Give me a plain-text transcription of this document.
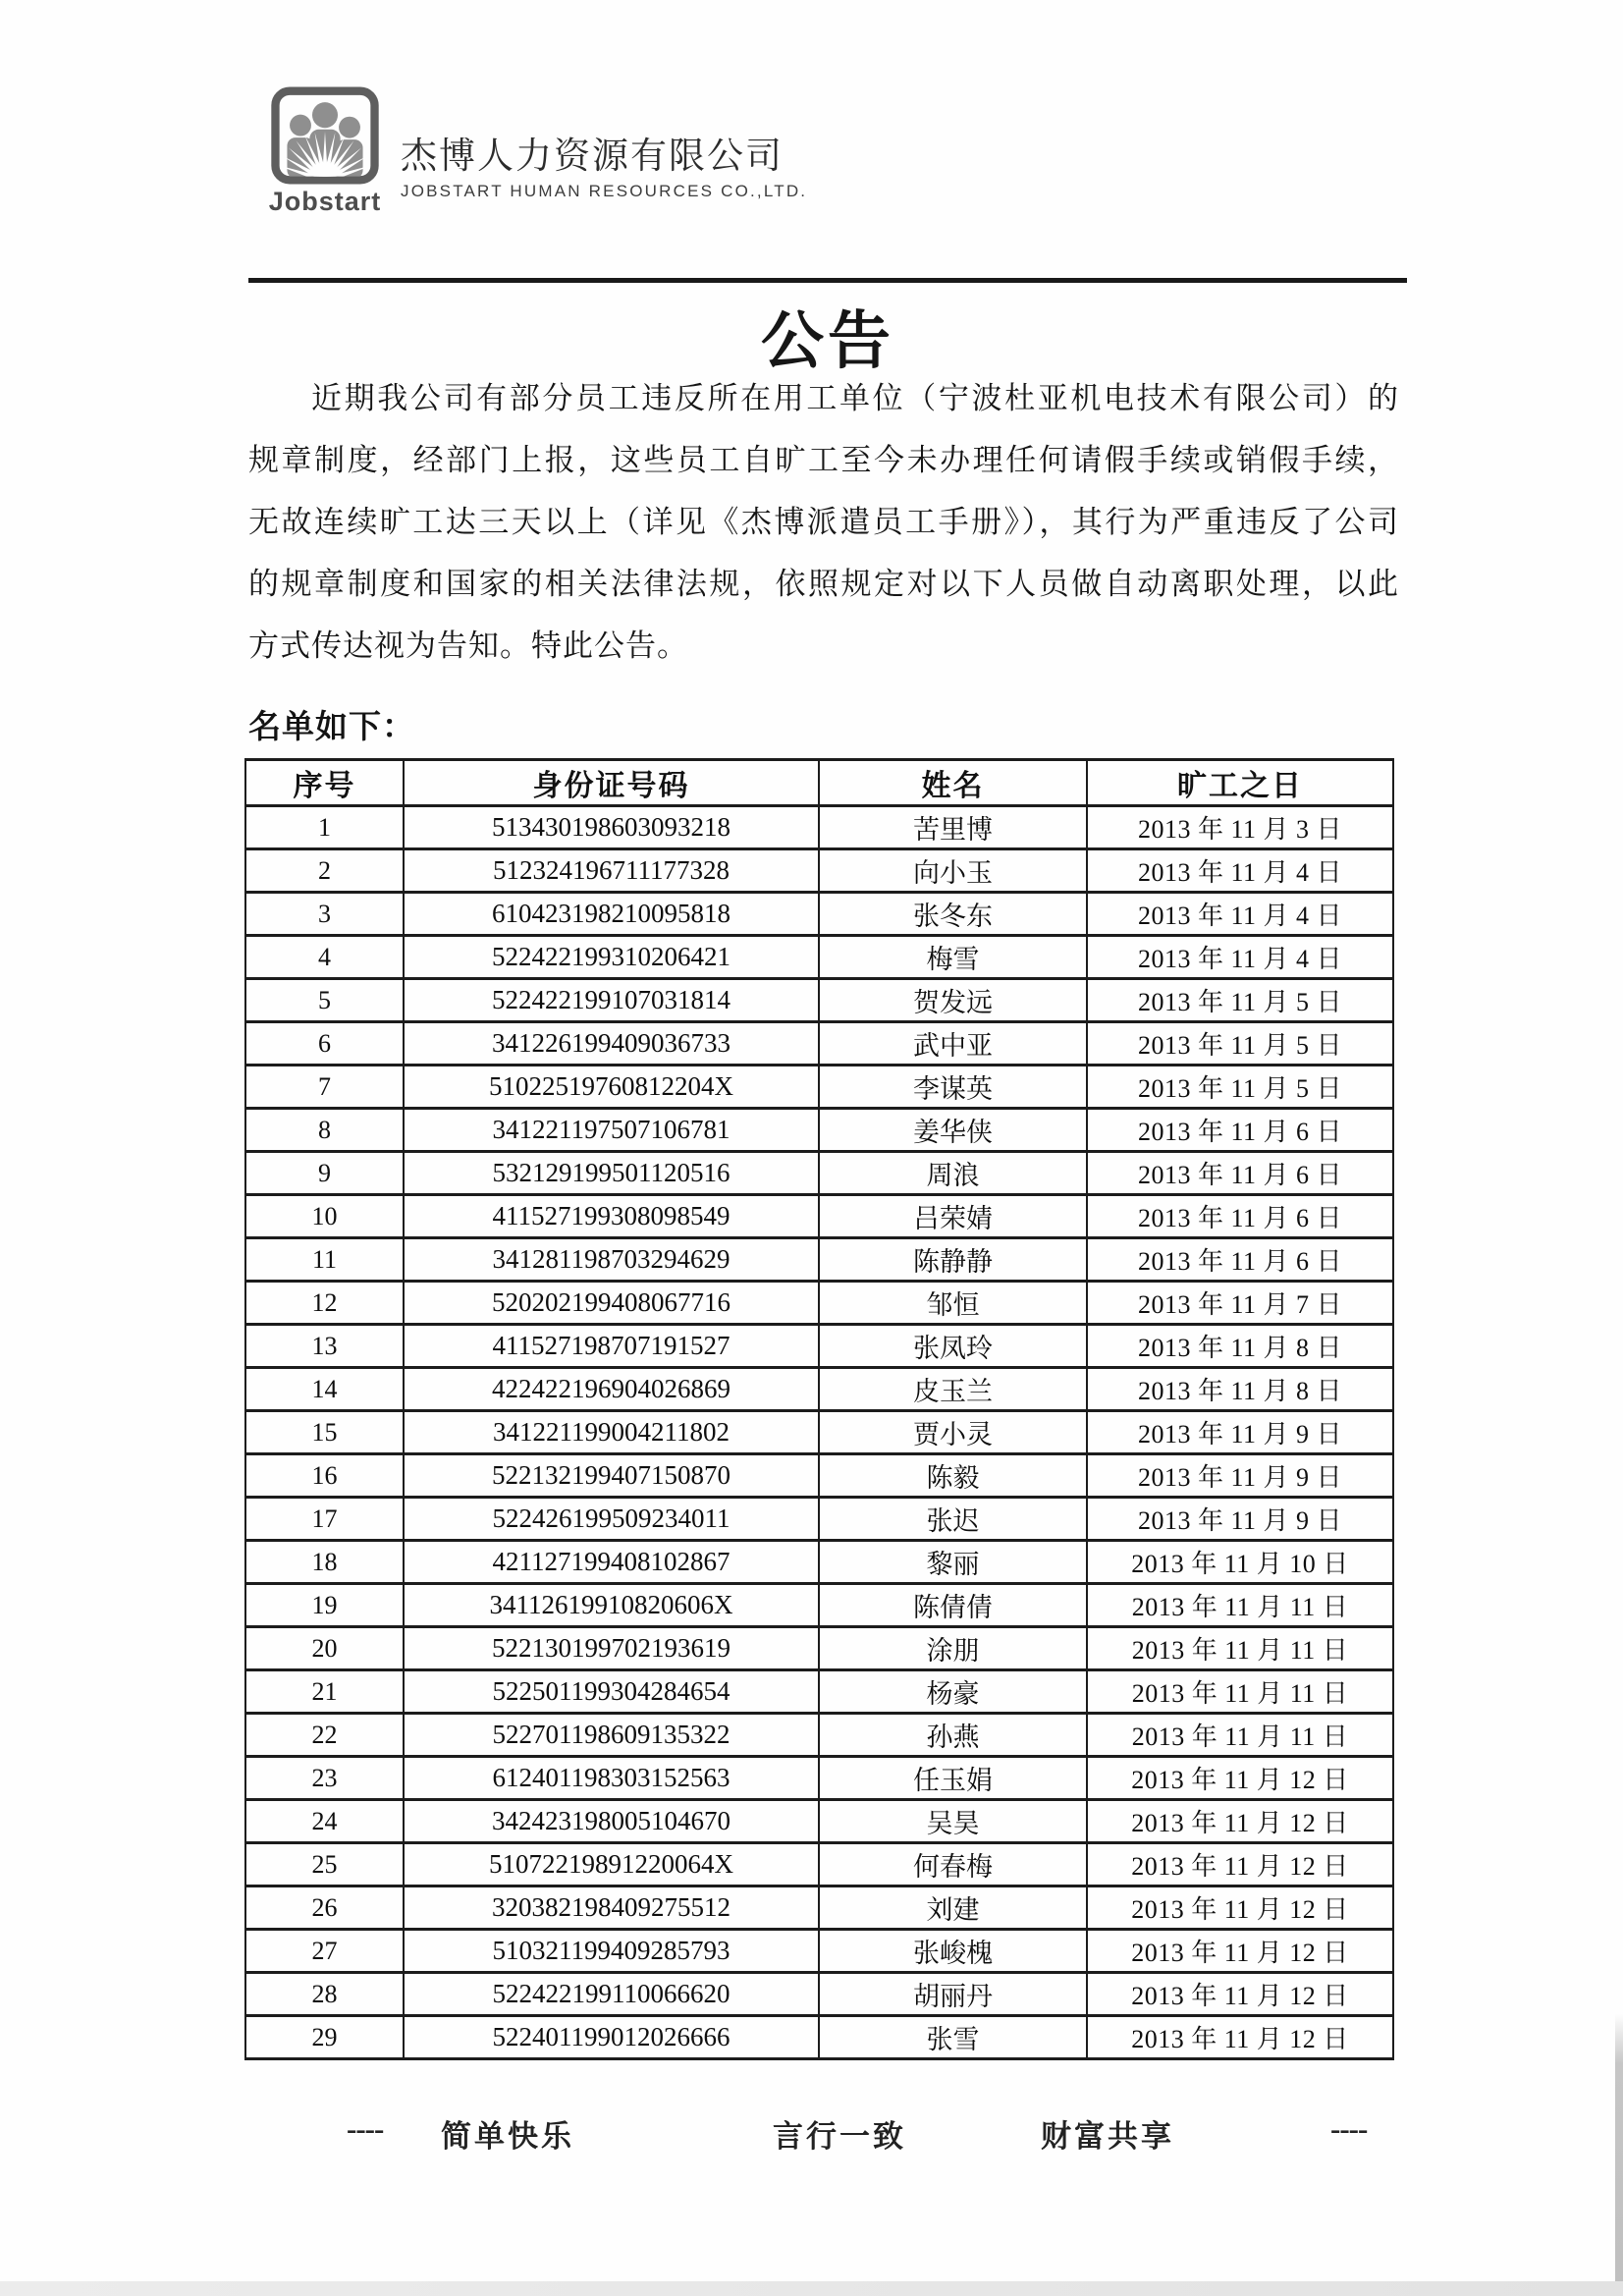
Jobstart
杰博人力资源有限公司
JOBSTART HUMAN RESOURCES CO.,LTD.
公告
近期我公司有部分员工违反所在用工单位（宁波杜亚机电技术有限公司）的
规章制度，经部门上报，这些员工自旷工至今未办理任何请假手续或销假手续，
无故连续旷工达三天以上（详见《杰博派遣员工手册》），其行为严重违反了公司
的规章制度和国家的相关法律法规，依照规定对以下人员做自动离职处理，以此
方式传达视为告知。特此公告。
名单如下：
序号	身份证号码	姓名	旷工之日
1	513430198603093218	苦里博	2013 年 11 月 3 日
2	512324196711177328	向小玉	2013 年 11 月 4 日
3	610423198210095818	张冬东	2013 年 11 月 4 日
4	522422199310206421	梅雪	2013 年 11 月 4 日
5	522422199107031814	贺发远	2013 年 11 月 5 日
6	341226199409036733	武中亚	2013 年 11 月 5 日
7	51022519760812204X	李谋英	2013 年 11 月 5 日
8	341221197507106781	姜华侠	2013 年 11 月 6 日
9	532129199501120516	周浪	2013 年 11 月 6 日
10	411527199308098549	吕荣婧	2013 年 11 月 6 日
11	341281198703294629	陈静静	2013 年 11 月 6 日
12	520202199408067716	邹恒	2013 年 11 月 7 日
13	411527198707191527	张凤玲	2013 年 11 月 8 日
14	422422196904026869	皮玉兰	2013 年 11 月 8 日
15	341221199004211802	贾小灵	2013 年 11 月 9 日
16	522132199407150870	陈毅	2013 年 11 月 9 日
17	522426199509234011	张迟	2013 年 11 月 9 日
18	421127199408102867	黎丽	2013 年 11 月 10 日
19	34112619910820606X	陈倩倩	2013 年 11 月 11 日
20	522130199702193619	涂朋	2013 年 11 月 11 日
21	522501199304284654	杨豪	2013 年 11 月 11 日
22	522701198609135322	孙燕	2013 年 11 月 11 日
23	612401198303152563	任玉娟	2013 年 11 月 12 日
24	342423198005104670	吴昊	2013 年 11 月 12 日
25	51072219891220064X	何春梅	2013 年 11 月 12 日
26	320382198409275512	刘建	2013 年 11 月 12 日
27	510321199409285793	张峻槐	2013 年 11 月 12 日
28	522422199110066620	胡丽丹	2013 年 11 月 12 日
29	522401199012026666	张雪	2013 年 11 月 12 日
---- 简单快乐	言行一致	财富共享	----
